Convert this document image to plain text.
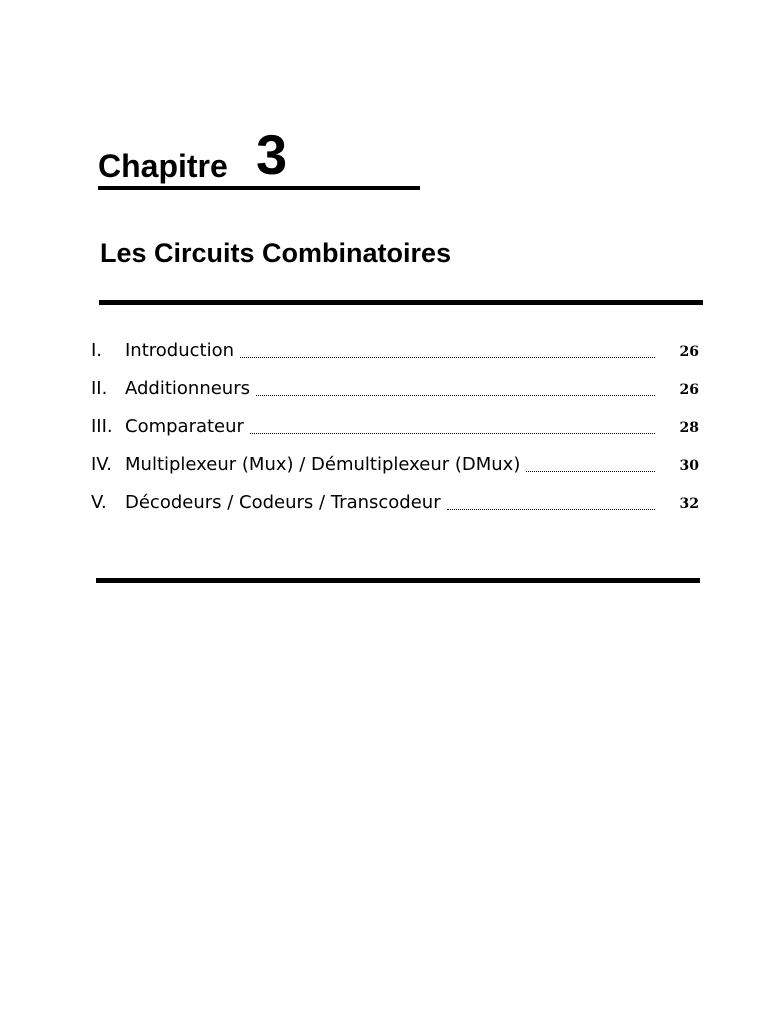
Chapitre 3
Les Circuits Combinatoires
I.	Introduction	26
II. Additionneurs	26
III. Comparateur	28
IV. Multiplexeur (Mux) / Démultiplexeur (DMux)	30
V.	Décodeurs / Codeurs / Transcodeur	32
